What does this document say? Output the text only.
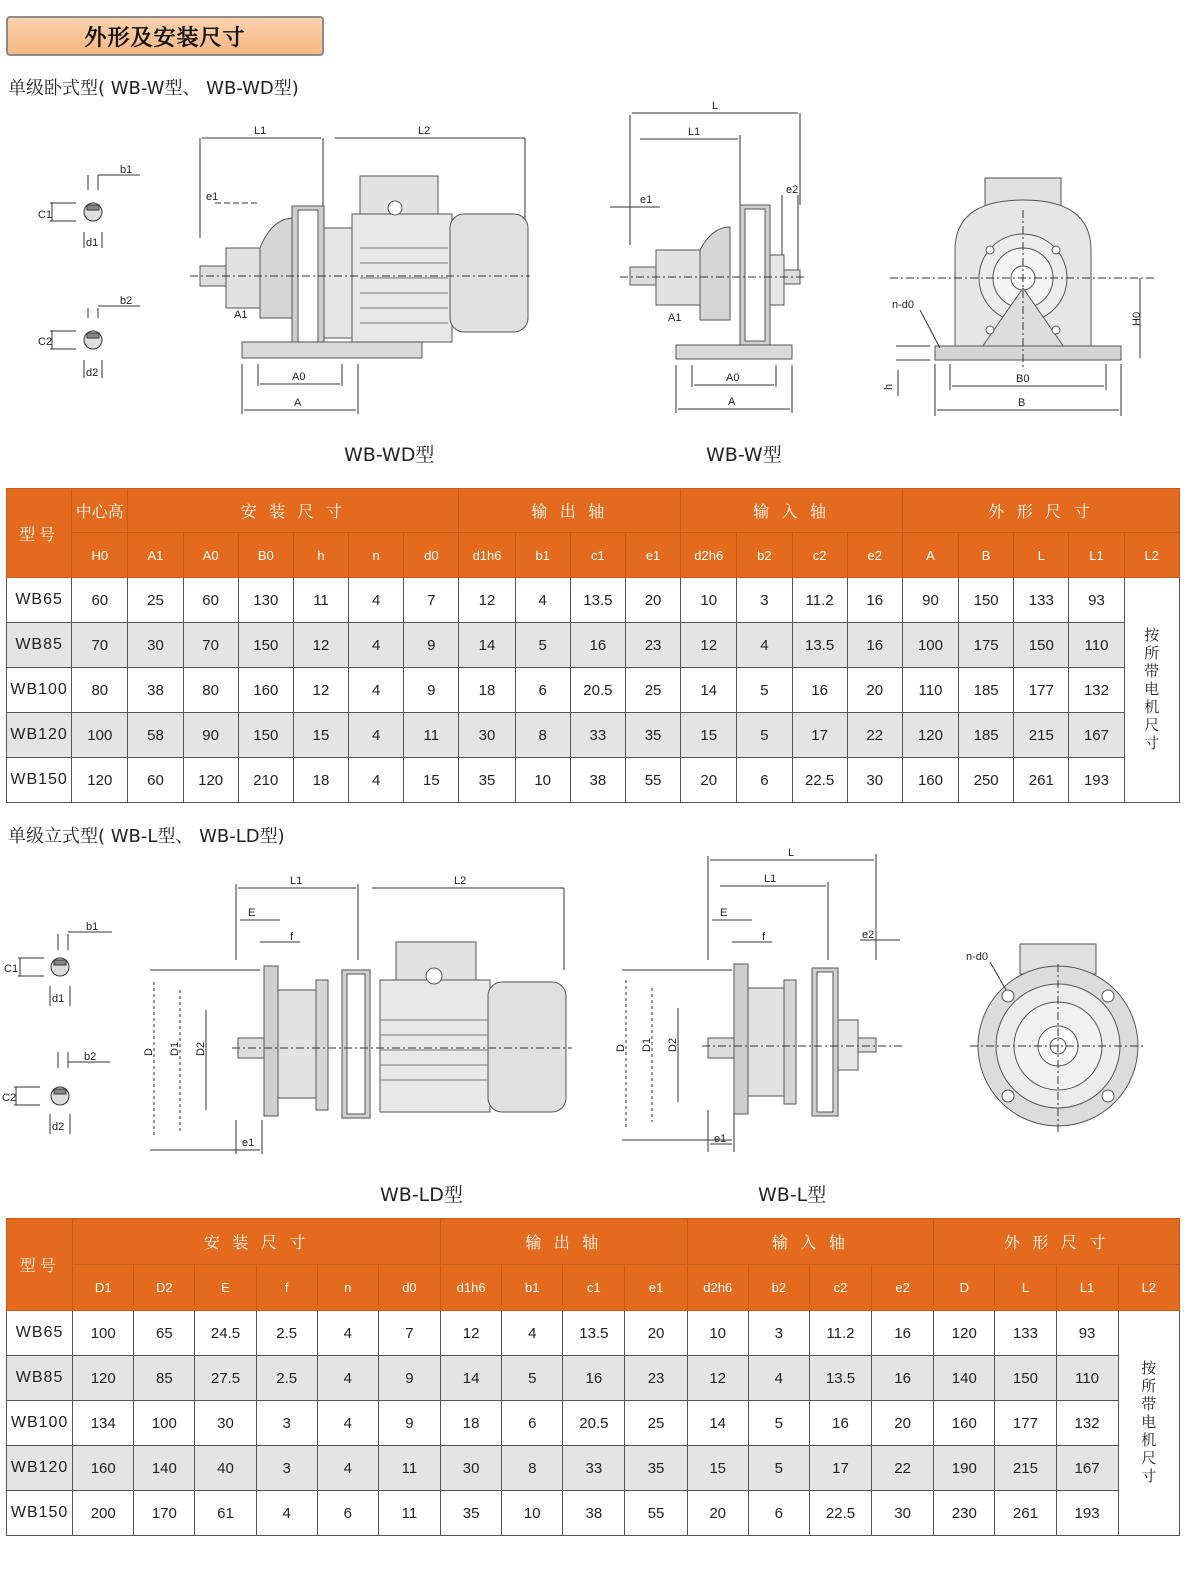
外形及安装尺寸
单级卧式型( WB-W型、 WB-WD型)
b1
C1
d1
b2
C2
d2
L1	L2
e1
A1
A0
A
L
L1
e1
e2
A1
A0
A
n-d0
H0
h
B0
B
WB-WD型	WB-W型
型号	中心高	安 装 尺 寸						输 出 轴				输 入 轴				外 形 尺 寸				
	H0	A1	A0	B0	h	n	d0	d1h6	b1	c1	e1	d2h6	b2	c2	e2	A	B	L	L1	L2
WB65	60	25	60	130	11	4	7	12	4	13.5	20	10	3	11.2	16	90	150	133	93	按所带电机尺寸
WB85	70	30	70	150	12	4	9	14	5	16	23	12	4	13.5	16	100	175	150	110	
WB100	80	38	80	160	12	4	9	18	6	20.5	25	14	5	16	20	110	185	177	132	
WB120	100	58	90	150	15	4	11	30	8	33	35	15	5	17	22	120	185	215	167	
WB150	120	60	120	210	18	4	15	35	10	38	55	20	6	22.5	30	160	250	261	193	
单级立式型( WB-L型、 WB-LD型)
b1
C1
d1
b2
C2
d2
L1	L2
E
f
D D1 D2
e1
L
L1
E
f	e2
D D1 D2
e1
n-d0
WB-LD型	WB-L型
型号	安 装 尺 寸						输 出 轴				输 入 轴				外 形 尺 寸			
	D1	D2	E	f	n	d0	d1h6	b1	c1	e1	d2h6	b2	c2	e2	D	L	L1	L2
WB65	100	65	24.5	2.5	4	7	12	4	13.5	20	10	3	11.2	16	120	133	93	按所带电机尺寸
WB85	120	85	27.5	2.5	4	9	14	5	16	23	12	4	13.5	16	140	150	110	
WB100	134	100	30	3	4	9	18	6	20.5	25	14	5	16	20	160	177	132	
WB120	160	140	40	3	4	11	30	8	33	35	15	5	17	22	190	215	167	
WB150	200	170	61	4	6	11	35	10	38	55	20	6	22.5	30	230	261	193	
